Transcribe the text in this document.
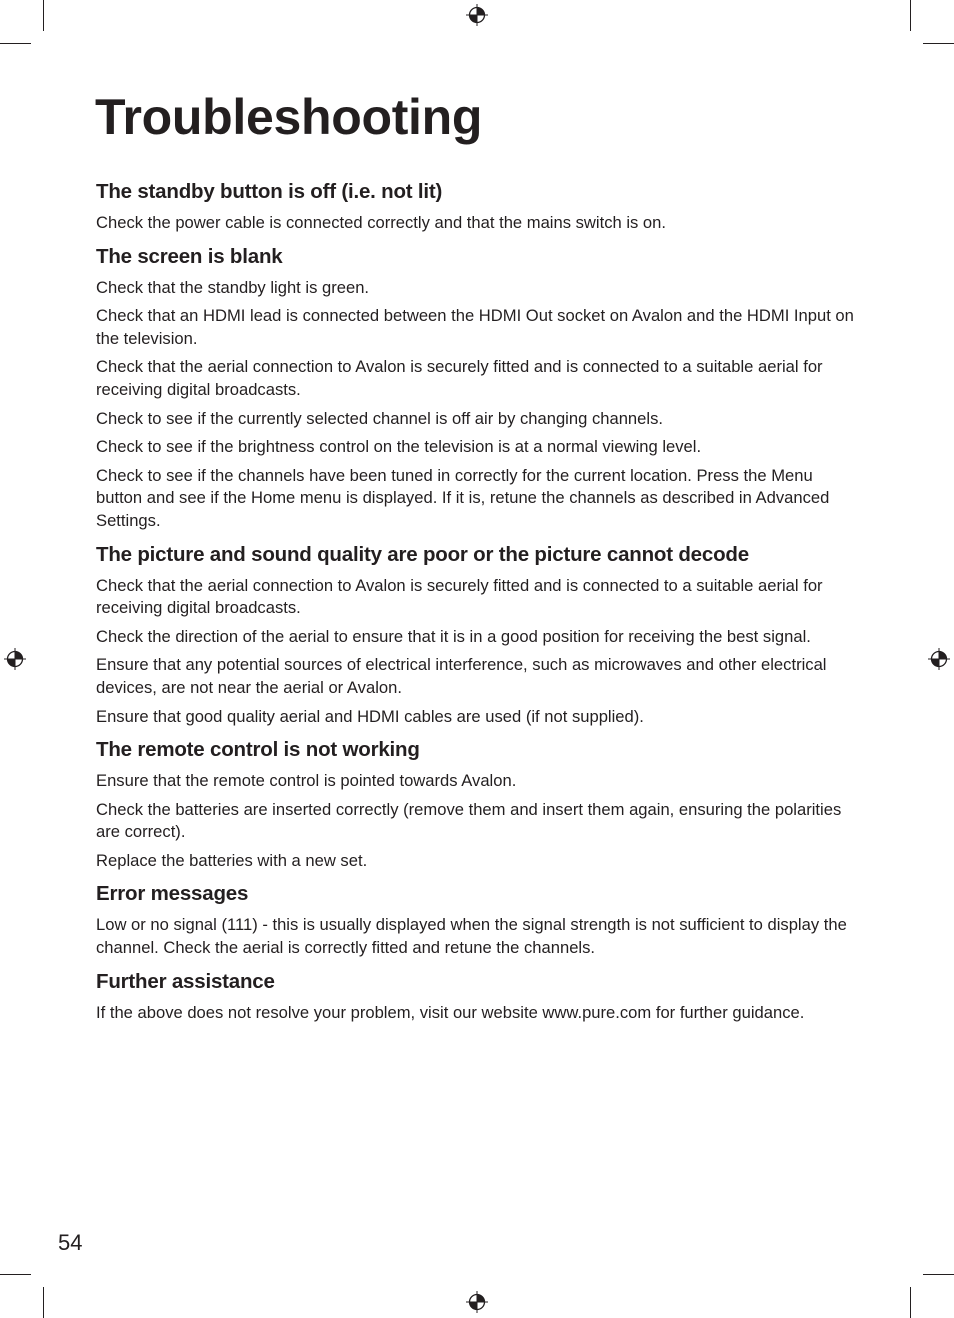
Troubleshooting
The standby button is off (i.e. not lit)

Check the power cable is connected correctly and that the mains switch is on.

The screen is blank

Check that the standby light is green.

Check that an HDMI lead is connected between the HDMI Out socket on Avalon and the HDMI Input on the television.

Check that the aerial connection to Avalon is securely fitted and is connected to a suitable aerial for receiving digital broadcasts.

Check to see if the currently selected channel is off air by changing channels.

Check to see if the brightness control on the television is at a normal viewing level.

Check to see if the channels have been tuned in correctly for the current location. Press the Menu button and see if the Home menu is displayed. If it is, retune the channels as described in Advanced Settings.

The picture and sound quality are poor or the picture cannot decode

Check that the aerial connection to Avalon is securely fitted and is connected to a suitable aerial for receiving digital broadcasts.

Check the direction of the aerial to ensure that it is in a good position for receiving the best signal.

Ensure that any potential sources of electrical interference, such as microwaves and other electrical devices, are not near the aerial or Avalon.

Ensure that good quality aerial and HDMI cables are used (if not supplied).

The remote control is not working

Ensure that the remote control is pointed towards Avalon.

Check the batteries are inserted correctly (remove them and insert them again, ensuring the polarities are correct).

Replace the batteries with a new set.

Error messages

Low or no signal (111) - this is usually displayed when the signal strength is not sufficient to display the channel. Check the aerial is correctly fitted and retune the channels.

Further assistance

If the above does not resolve your problem, visit our website www.pure.com for further guidance.

54
